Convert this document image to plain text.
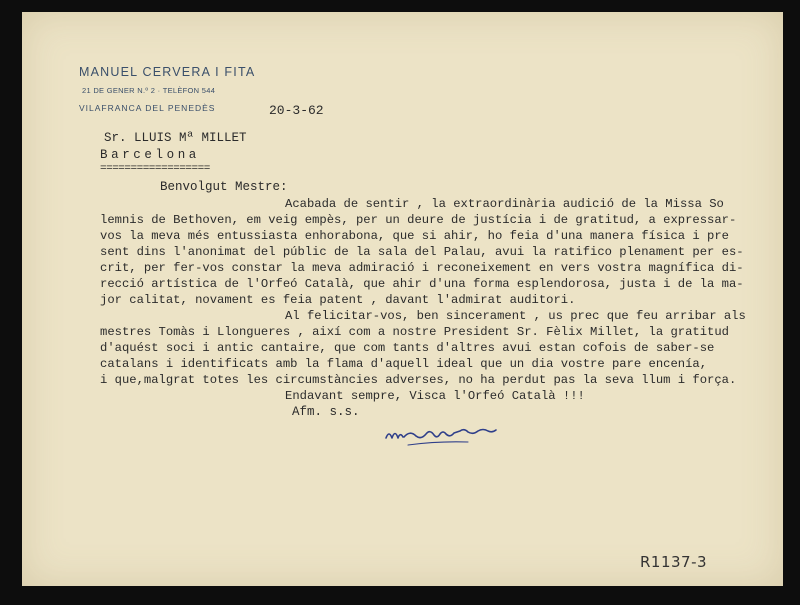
MANUEL CERVERA I FITA
21 DE GENER N.º 2 · TELÈFON 544
VILAFRANCA DEL PENEDÈS	20-3-62
Sr. LLUIS Mª MILLET
Barcelona
==================
Benvolgut Mestre:
Acabada de sentir , la extraordinària audició de la Missa So
lemnis de Bethoven, em veig empès, per un deure de justícia i de gratitud, a expressar-
vos la meva més entussiasta enhorabona, que si ahir, ho feia d'una manera física i pre
sent dins l'anonimat del públic de la sala del Palau, avui la ratifico plenament per es-
crit, per fer-vos constar la meva admiració i reconeixement en vers vostra magnífica di-
recció artística de l'Orfeó Català, que ahir d'una forma esplendorosa, justa i de la ma-
jor calitat, novament es feia patent , davant l'admirat auditori.
Al felicitar-vos, ben sincerament , us prec que feu arribar als
mestres Tomàs i Llongueres , així com a nostre President Sr. Fèlix Millet, la gratitud
d'aquést soci i antic cantaire, que com tants d'altres avui estan cofois de saber-se
catalans i identificats amb la flama d'aquell ideal que un dia vostre pare encenía,
i que,malgrat totes les circumstàncies adverses, no ha perdut pas la seva llum i força.
Endavant sempre, Visca l'Orfeó Català !!!
Afm. s.s.
R1137-3
